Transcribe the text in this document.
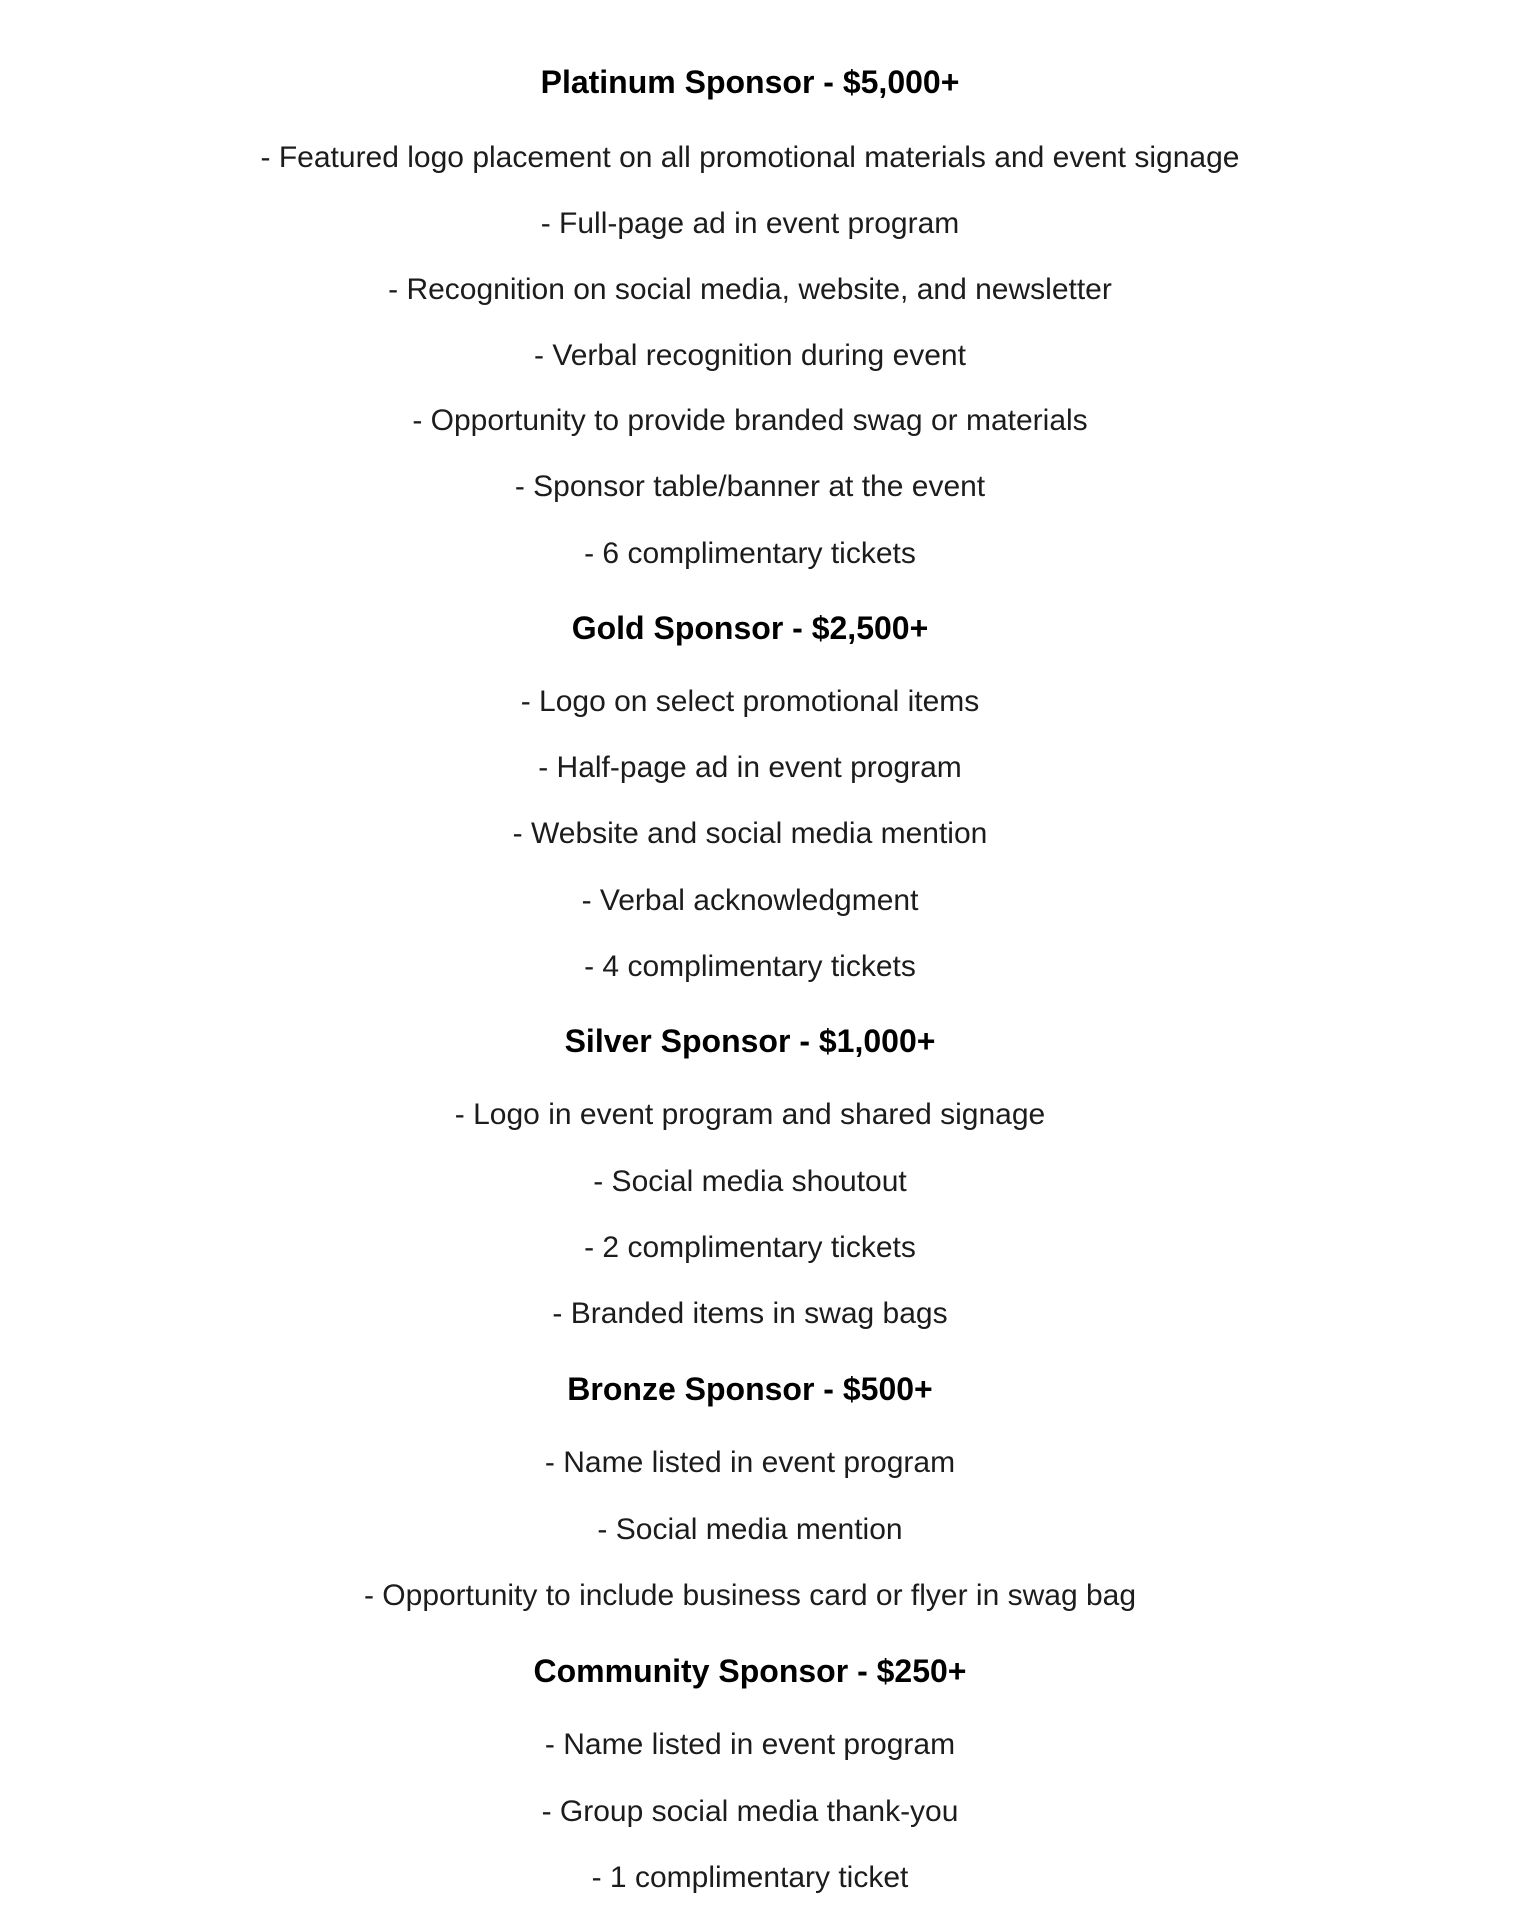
Platinum Sponsor - $5,000+
- Featured logo placement on all promotional materials and event signage
- Full-page ad in event program
- Recognition on social media, website, and newsletter
- Verbal recognition during event
- Opportunity to provide branded swag or materials
- Sponsor table/banner at the event
- 6 complimentary tickets
Gold Sponsor - $2,500+
- Logo on select promotional items
- Half-page ad in event program
- Website and social media mention
- Verbal acknowledgment
- 4 complimentary tickets
Silver Sponsor - $1,000+
- Logo in event program and shared signage
- Social media shoutout
- 2 complimentary tickets
- Branded items in swag bags
Bronze Sponsor - $500+
- Name listed in event program
- Social media mention
- Opportunity to include business card or flyer in swag bag
Community Sponsor - $250+
- Name listed in event program
- Group social media thank-you
- 1 complimentary ticket
